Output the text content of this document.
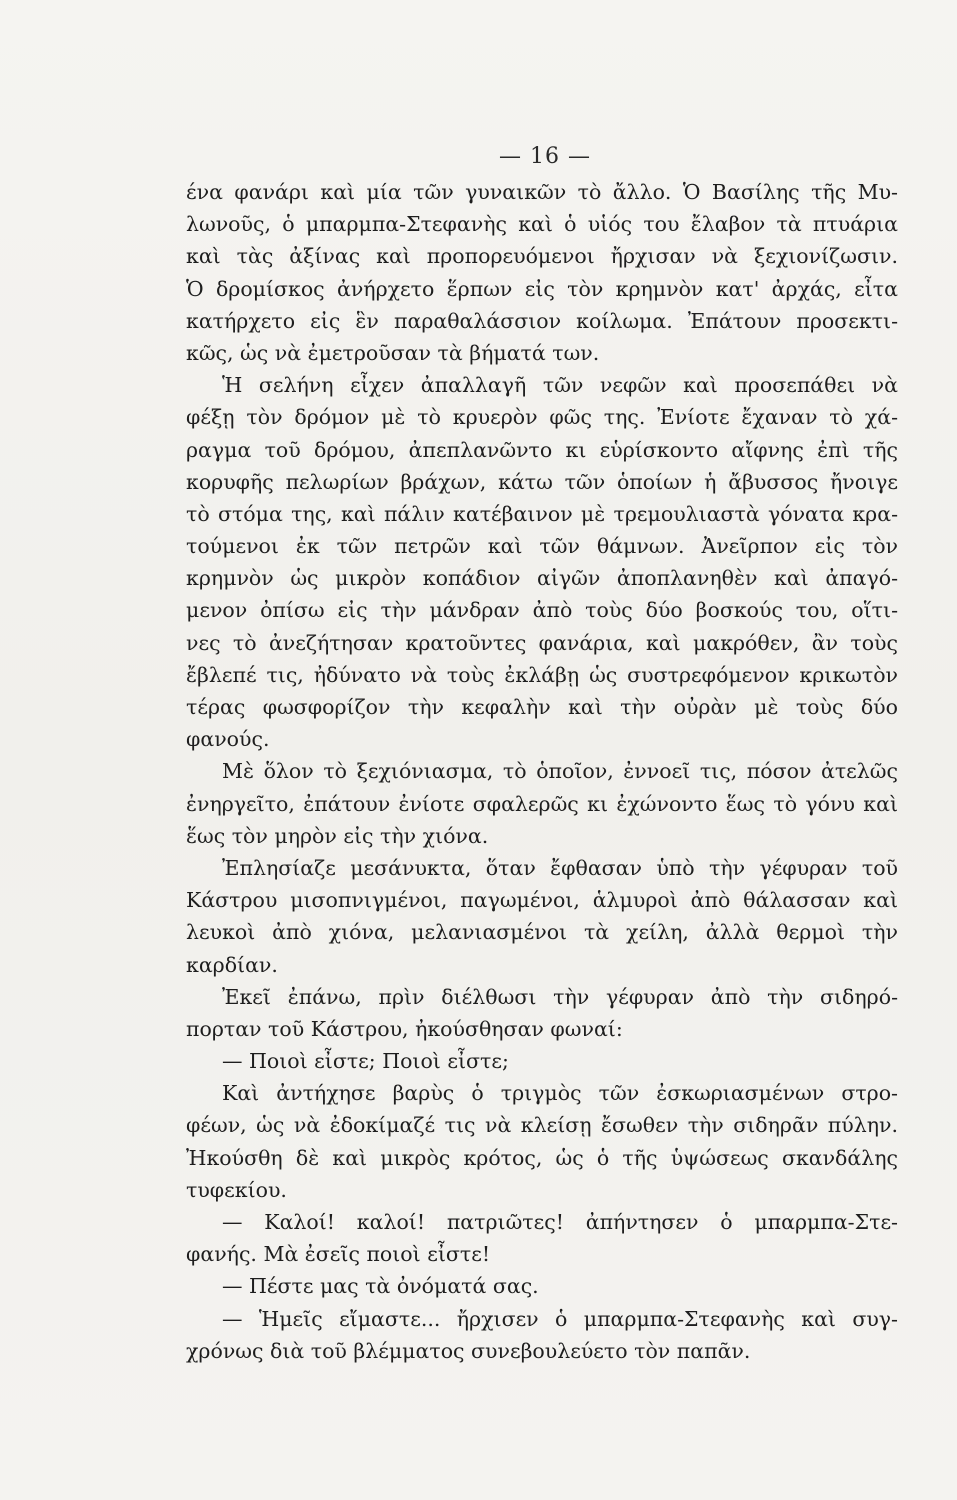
— 16 —
ένα φανάρι καὶ μία τῶν γυναικῶν τὸ ἄλλο. Ὁ Βασίλης τῆς Μυ-
λωνοῦς, ὁ μπαρμπα-Στεφανὴς καὶ ὁ υἱός του ἔλαβον τὰ πτυάρια
καὶ τὰς ἀξίνας καὶ προπορευόμενοι ἤρχισαν νὰ ξεχιονίζωσιν.
Ὁ δρομίσκος ἀνήρχετο ἕρπων εἰς τὸν κρημνὸν κατ' ἀρχάς, εἶτα
κατήρχετο εἰς ἓν παραθαλάσσιον κοίλωμα. Ἐπάτουν προσεκτι-
κῶς, ὡς νὰ ἐμετροῦσαν τὰ βήματά των.
Ἡ σελήνη εἶχεν ἀπαλλαγῆ τῶν νεφῶν καὶ προσεπάθει νὰ
φέξῃ τὸν δρόμον μὲ τὸ κρυερὸν φῶς της. Ἐνίοτε ἔχαναν τὸ χά-
ραγμα τοῦ δρόμου, ἀπεπλανῶντο κι εὑρίσκοντο αἴφνης ἐπὶ τῆς
κορυφῆς πελωρίων βράχων, κάτω τῶν ὁποίων ἡ ἄβυσσος ἤνοιγε
τὸ στόμα της, καὶ πάλιν κατέβαινον μὲ τρεμουλιαστὰ γόνατα κρα-
τούμενοι ἐκ τῶν πετρῶν καὶ τῶν θάμνων. Ἀνεῖρπον εἰς τὸν
κρημνὸν ὡς μικρὸν κοπάδιον αἰγῶν ἀποπλανηθὲν καὶ ἀπαγό-
μενον ὀπίσω εἰς τὴν μάνδραν ἀπὸ τοὺς δύο βοσκούς του, οἵτι-
νες τὸ ἀνεζήτησαν κρατοῦντες φανάρια, καὶ μακρόθεν, ἂν τοὺς
ἔβλεπέ τις, ἠδύνατο νὰ τοὺς ἐκλάβῃ ὡς συστρεφόμενον κρικωτὸν
τέρας φωσφορίζον τὴν κεφαλὴν καὶ τὴν οὐρὰν μὲ τοὺς δύο
φανούς.
Μὲ ὅλον τὸ ξεχιόνιασμα, τὸ ὁποῖον, ἐννοεῖ τις, πόσον ἀτελῶς
ἐνηργεῖτο, ἐπάτουν ἐνίοτε σφαλερῶς κι ἐχώνοντο ἕως τὸ γόνυ καὶ
ἕως τὸν μηρὸν εἰς τὴν χιόνα.
Ἐπλησίαζε μεσάνυκτα, ὅταν ἔφθασαν ὑπὸ τὴν γέφυραν τοῦ
Κάστρου μισοπνιγμένοι, παγωμένοι, ἁλμυροὶ ἀπὸ θάλασσαν καὶ
λευκοὶ ἀπὸ χιόνα, μελανιασμένοι τὰ χείλη, ἀλλὰ θερμοὶ τὴν
καρδίαν.
Ἐκεῖ ἐπάνω, πρὶν διέλθωσι τὴν γέφυραν ἀπὸ τὴν σιδηρό-
πορταν τοῦ Κάστρου, ἠκούσθησαν φωναί:
— Ποιοὶ εἶστε; Ποιοὶ εἶστε;
Καὶ ἀντήχησε βαρὺς ὁ τριγμὸς τῶν ἐσκωριασμένων στρο-
φέων, ὡς νὰ ἐδοκίμαζέ τις νὰ κλείσῃ ἔσωθεν τὴν σιδηρᾶν πύλην.
Ἠκούσθη δὲ καὶ μικρὸς κρότος, ὡς ὁ τῆς ὑψώσεως σκανδάλης
τυφεκίου.
— Καλοί! καλοί! πατριῶτες! ἀπήντησεν ὁ μπαρμπα-Στε-
φανής. Μὰ ἐσεῖς ποιοὶ εἶστε!
— Πέστε μας τὰ ὀνόματά σας.
— Ἡμεῖς εἴμαστε... ἤρχισεν ὁ μπαρμπα-Στεφανὴς καὶ συγ-
χρόνως διὰ τοῦ βλέμματος συνεβουλεύετο τὸν παπᾶν.
